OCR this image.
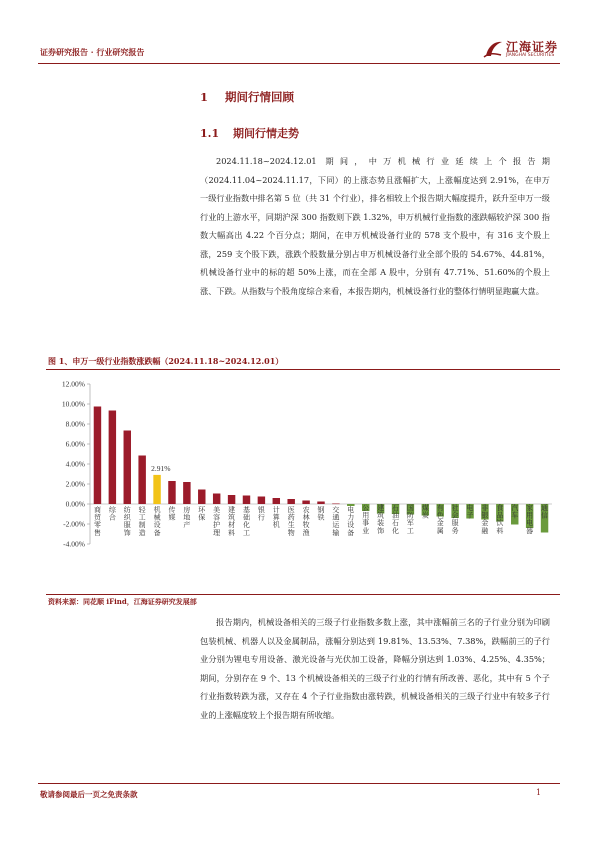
证券研究报告 · 行业研究报告	江海证券
JIANGHAI SECURITIES
1 期间行情回顾
1.1 期间行情走势
2024.11.18~2024.12.01 期间，中万机械行业延续上个报告期（2024.11.04~2024.11.17，下同）的上涨态势且涨幅扩大，上涨幅度达到 2.91%，在申万一级行业指数中排名第 5 位（共 31 个行业），排名相较上个报告期大幅度提升，跃升至申万一级行业的上游水平，同期沪深 300 指数则下跌 1.32%，申万机械行业指数的涨跌幅较沪深 300 指数大幅高出 4.22 个百分点；期间，在申万机械设备行业的 578 支个股中，有 316 支个股上涨，259 支个股下跌，涨跌个股数量分别占申万机械设备行业全部个股的 54.67%、44.81%，机械设备行业中的标的超 50%上涨，而在全部 A 股中，分别有 47.71%、51.60%的个股上涨、下跌。从指数与个股角度综合来看，本报告期内，机械设备行业的整体行情明显跑赢大盘。
图 1、申万一级行业指数涨跌幅（2024.11.18~2024.12.01）
12.00%
10.00%
8.00%
6.00%
4.00%
2.00%
0.00%
-2.00%
-4.00%
商贸零售
综合
纺织服饰
轻工制造
机械设备
传媒
房地产
环保
美容护理
建筑材料
基础化工
银行
计算机
医药生物
农林牧渔
钢铁
交通运输
电力设备
公用事业
建筑装饰
石油石化
国防军工
煤炭
有色金属
社会服务
电子
非银金融
食品饮料
汽车
家用电器
通信
2.91%
资料来源：同花顺 iFind，江海证券研究发展部
报告期内，机械设备相关的三级子行业指数多数上涨，其中涨幅前三名的子行业分别为印刷包装机械、机器人以及金属制品，涨幅分别达到 19.81%、13.53%、7.38%，跌幅前三的子行业分别为锂电专用设备、激光设备与光伏加工设备，降幅分别达到 1.03%、4.25%、4.35%；期间，分别存在 9 个、13 个机械设备相关的三级子行业的行情有所改善、恶化，其中有 5 个子行业指数转跌为涨，又存在 4 个子行业指数由涨转跌，机械设备相关的三级子行业中有较多子行业的上涨幅度较上个报告期有所收缩。
敬请参阅最后一页之免责条款	1
